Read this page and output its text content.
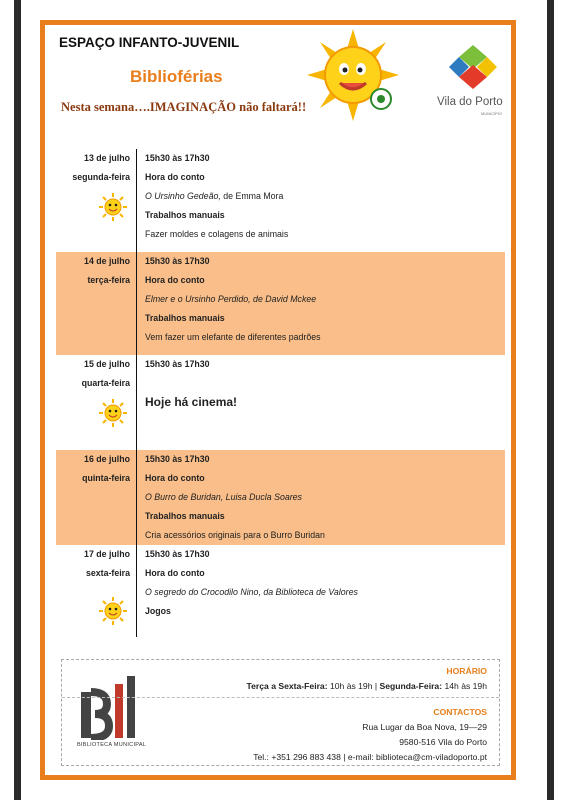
ESPAÇO INFANTO-JUVENIL
Bibliofé​rias
Nesta semana….IMAGINAÇÃO não faltará!!	Vila do Porto
MUNICÍPIO
13 de julho
segunda-feira
15h30 às 17h30
Hora do conto
O Ursinho Gedeão, de Emma Mora
Trabalhos manuais
Fazer moldes e colagens de animais
14 de julho
terça-feira
15h30 às 17h30
Hora do conto
Elmer e o Ursinho Perdido, de David Mckee
Trabalhos manuais
Vem fazer um elefante de diferentes padrões
15 de julho
quarta-feira
15h30 às 17h30
Hoje há cinema!
16 de julho
quinta-feira
15h30 às 17h30
Hora do conto
O Burro de Buridan, Luisa Ducla Soares
Trabalhos manuais
Cria acessórios originais para o Burro Buridan
17 de julho
sexta-feira
15h30 às 17h30
Hora do conto
O segredo do Crocodilo Nino, da Biblioteca de Valores
Jogos
BIBLIOTECA MUNICIPAL
HORÁRIO
Terça a Sexta-Feira: 10h às 19h | Segunda-Feira: 14h às 19h
CONTACTOS
Rua Lugar da Boa Nova, 19—29
9580-516 Vila do Porto
Tel.: +351 296 883 438 | e-mail: biblioteca@cm-viladoporto.pt
